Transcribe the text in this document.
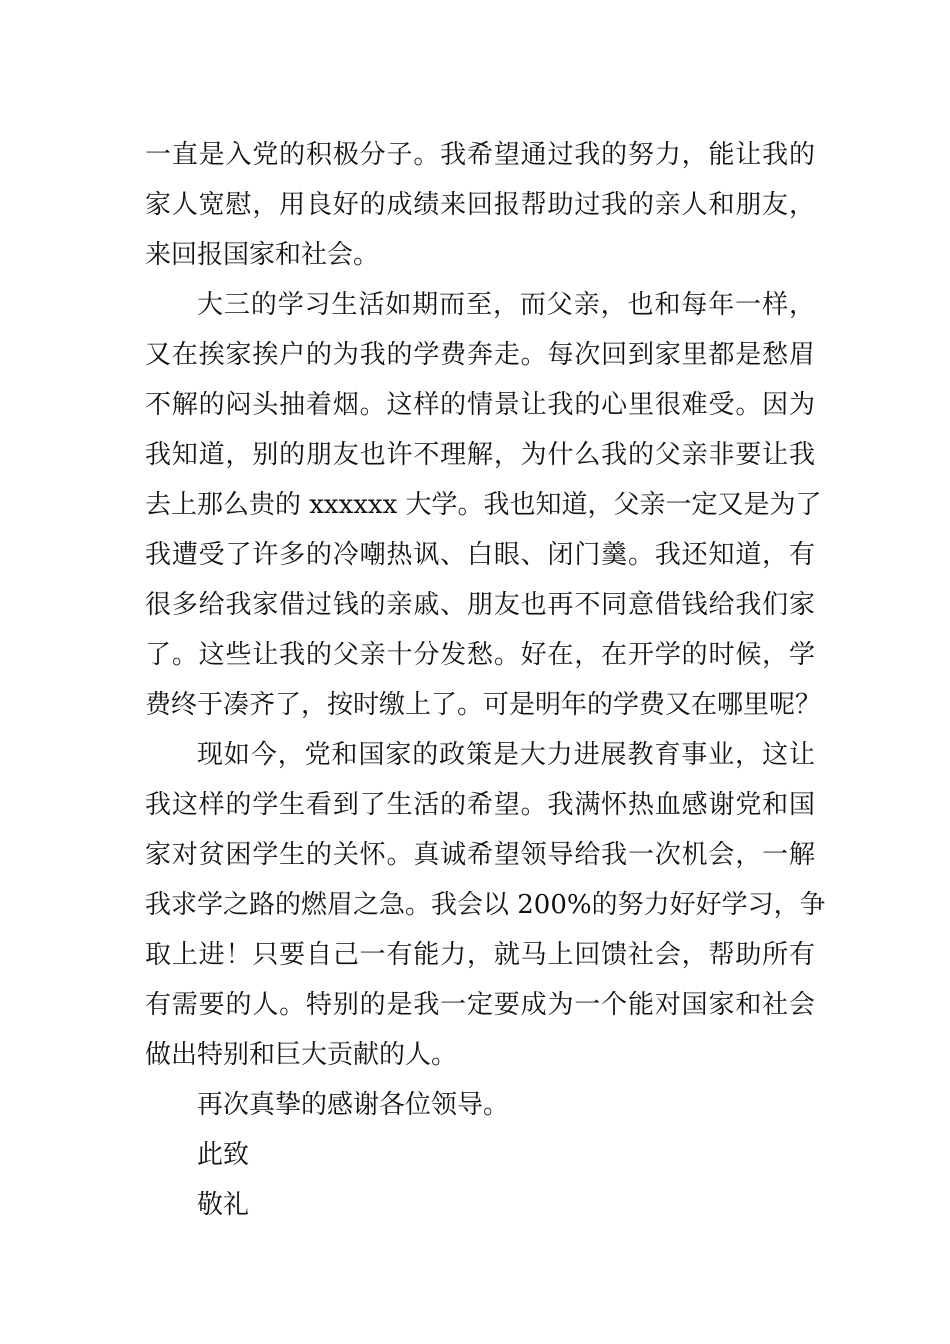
一直是入党的积极分子。我希望通过我的努力，能让我的
家人宽慰，用良好的成绩来回报帮助过我的亲人和朋友，
来回报国家和社会。
大三的学习生活如期而至，而父亲，也和每年一样，
又在挨家挨户的为我的学费奔走。每次回到家里都是愁眉
不解的闷头抽着烟。这样的情景让我的心里很难受。因为
我知道，别的朋友也许不理解，为什么我的父亲非要让我
去上那么贵的 xxxxxx 大学。我也知道，父亲一定又是为了
我遭受了许多的冷嘲热讽、白眼、闭门羹。我还知道，有
很多给我家借过钱的亲戚、朋友也再不同意借钱给我们家
了。这些让我的父亲十分发愁。好在，在开学的时候，学
费终于凑齐了，按时缴上了。可是明年的学费又在哪里呢？
现如今，党和国家的政策是大力进展教育事业，这让
我这样的学生看到了生活的希望。我满怀热血感谢党和国
家对贫困学生的关怀。真诚希望领导给我一次机会，一解
我求学之路的燃眉之急。我会以 200%的努力好好学习，争
取上进！只要自己一有能力，就马上回馈社会，帮助所有
有需要的人。特别的是我一定要成为一个能对国家和社会
做出特别和巨大贡献的人。
再次真挚的感谢各位领导。
此致
敬礼
